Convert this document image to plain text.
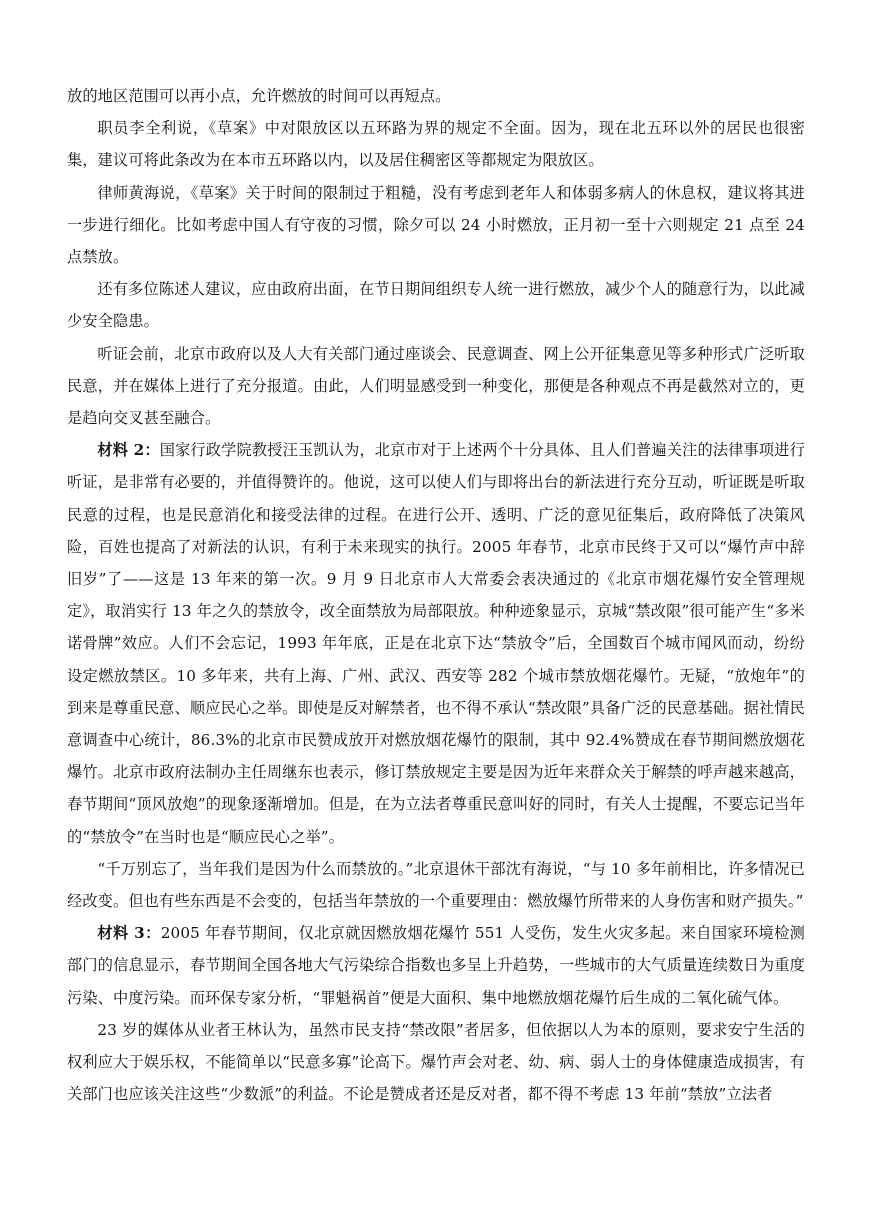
放的地区范围可以再小点，允许燃放的时间可以再短点。

职员李全利说，《草案》中对限放区以五环路为界的规定不全面。因为，现在北五环以外的居民也很密集，建议可将此条改为在本市五环路以内，以及居住稠密区等都规定为限放区。

律师黄海说，《草案》关于时间的限制过于粗糙，没有考虑到老年人和体弱多病人的休息权，建议将其进一步进行细化。比如考虑中国人有守夜的习惯，除夕可以 24 小时燃放，正月初一至十六则规定 21 点至 24 点禁放。

还有多位陈述人建议，应由政府出面，在节日期间组织专人统一进行燃放，减少个人的随意行为，以此减少安全隐患。

听证会前，北京市政府以及人大有关部门通过座谈会、民意调查、网上公开征集意见等多种形式广泛听取民意，并在媒体上进行了充分报道。由此，人们明显感受到一种变化，那便是各种观点不再是截然对立的，更是趋向交叉甚至融合。

材料 2：国家行政学院教授汪玉凯认为，北京市对于上述两个十分具体、且人们普遍关注的法律事项进行听证，是非常有必要的，并值得赞许的。他说，这可以使人们与即将出台的新法进行充分互动，听证既是听取民意的过程，也是民意消化和接受法律的过程。在进行公开、透明、广泛的意见征集后，政府降低了决策风险，百姓也提高了对新法的认识，有利于未来现实的执行。2005 年春节，北京市民终于又可以“爆竹声中辞旧岁”了——这是 13 年来的第一次。9 月 9 日北京市人大常委会表决通过的《北京市烟花爆竹安全管理规定》，取消实行 13 年之久的禁放令，改全面禁放为局部限放。种种迹象显示，京城“禁改限”很可能产生“多米诺骨牌”效应。人们不会忘记，1993 年年底，正是在北京下达“禁放令”后，全国数百个城市闻风而动，纷纷设定燃放禁区。10 多年来，共有上海、广州、武汉、西安等 282 个城市禁放烟花爆竹。无疑，“放炮年”的到来是尊重民意、顺应民心之举。即使是反对解禁者，也不得不承认“禁改限”具备广泛的民意基础。据社情民意调查中心统计，86.3%的北京市民赞成放开对燃放烟花爆竹的限制，其中 92.4%赞成在春节期间燃放烟花爆竹。北京市政府法制办主任周继东也表示，修订禁放规定主要是因为近年来群众关于解禁的呼声越来越高，春节期间“顶风放炮”的现象逐渐增加。但是，在为立法者尊重民意叫好的同时，有关人士提醒，不要忘记当年的“禁放令”在当时也是“顺应民心之举”。

“千万别忘了，当年我们是因为什么而禁放的。”北京退休干部沈有海说，“与 10 多年前相比，许多情况已经改变。但也有些东西是不会变的，包括当年禁放的一个重要理由：燃放爆竹所带来的人身伤害和财产损失。”

材料 3：2005 年春节期间，仅北京就因燃放烟花爆竹 551 人受伤，发生火灾多起。来自国家环境检测部门的信息显示，春节期间全国各地大气污染综合指数也多呈上升趋势，一些城市的大气质量连续数日为重度污染、中度污染。而环保专家分析，“罪魁祸首”便是大面积、集中地燃放烟花爆竹后生成的二氧化硫气体。

23 岁的媒体从业者王林认为，虽然市民支持“禁改限”者居多，但依据以人为本的原则，要求安宁生活的权利应大于娱乐权，不能简单以“民意多寡”论高下。爆竹声会对老、幼、病、弱人士的身体健康造成损害，有关部门也应该关注这些“少数派”的利益。不论是赞成者还是反对者，都不得不考虑 13 年前“禁放”立法者
